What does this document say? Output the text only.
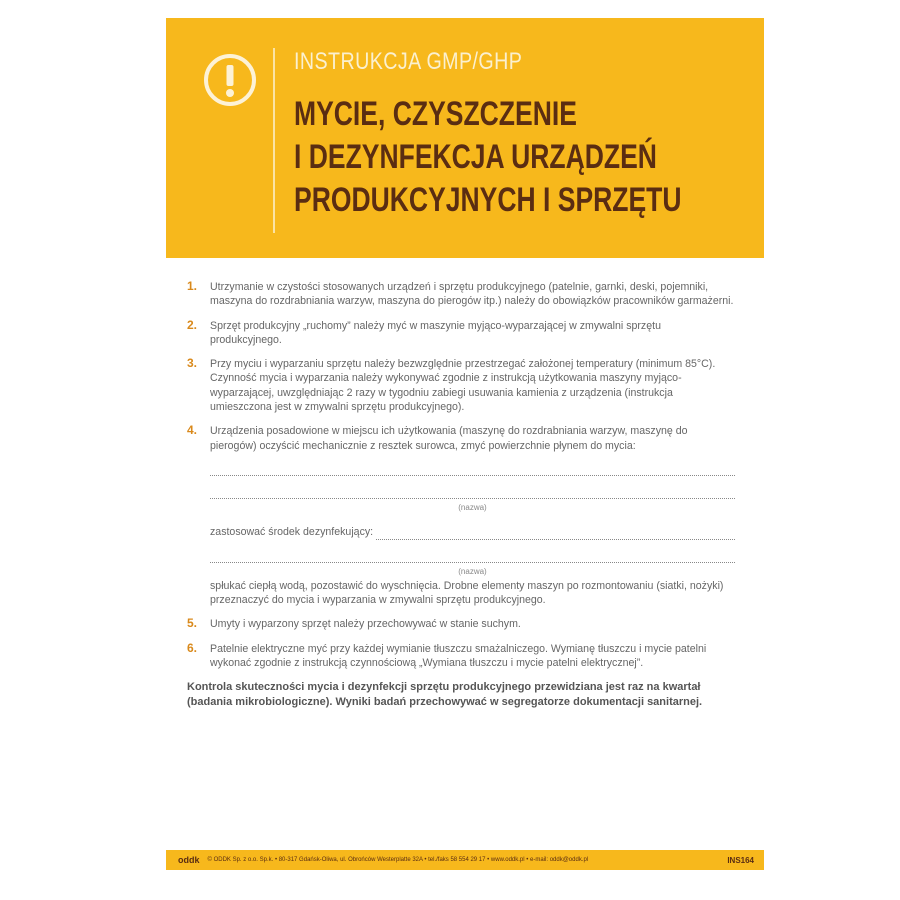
INSTRUKCJA GMP/GHP
MYCIE, CZYSZCZENIE
I DEZYNFEKCJA URZĄDZEŃ
PRODUKCYJNYCH I SPRZĘTU
1. Utrzymanie w czystości stosowanych urządzeń i sprzętu produkcyjnego (patelnie, garnki, deski, pojemniki, maszyna do rozdrabniania warzyw, maszyna do pierogów itp.) należy do obowiązków pracowników garmażerni.
2. Sprzęt produkcyjny „ruchomy” należy myć w maszynie myjąco-wyparzającej w zmywalni sprzętu produkcyjnego.
3. Przy myciu i wyparzaniu sprzętu należy bezwzględnie przestrzegać założonej temperatury (minimum 85°C). Czynność mycia i wyparzania należy wykonywać zgodnie z instrukcją użytkowania maszyny myjąco-wyparzającej, uwzględniając 2 razy w tygodniu zabiegi usuwania kamienia z urządzenia (instrukcja umieszczona jest w zmywalni sprzętu produkcyjnego).
4. Urządzenia posadowione w miejscu ich użytkowania (maszynę do rozdrabniania warzyw, maszynę do pierogów) oczyścić mechanicznie z resztek surowca, zmyć powierzchnie płynem do mycia:
(nazwa)
zastosować środek dezynfekujący:
(nazwa)
spłukać ciepłą wodą, pozostawić do wyschnięcia. Drobne elementy maszyn po rozmontowaniu (siatki, nożyki) przeznaczyć do mycia i wyparzania w zmywalni sprzętu produkcyjnego.
5. Umyty i wyparzony sprzęt należy przechowywać w stanie suchym.
6. Patelnie elektryczne myć przy każdej wymianie tłuszczu smażalniczego. Wymianę tłuszczu i mycie patelni wykonać zgodnie z instrukcją czynnościową „Wymiana tłuszczu i mycie patelni elektrycznej”.
Kontrola skuteczności mycia i dezynfekcji sprzętu produkcyjnego przewidziana jest raz na kwartał (badania mikrobiologiczne). Wyniki badań przechowywać w segregatorze dokumentacji sanitarnej.
oddk © ODDK Sp. z o.o. Sp.k. • 80-317 Gdańsk-Oliwa, ul. Obrońców Westerplatte 32A • tel./faks 58 554 29 17 • www.oddk.pl • e-mail: oddk@oddk.pl	INS164
